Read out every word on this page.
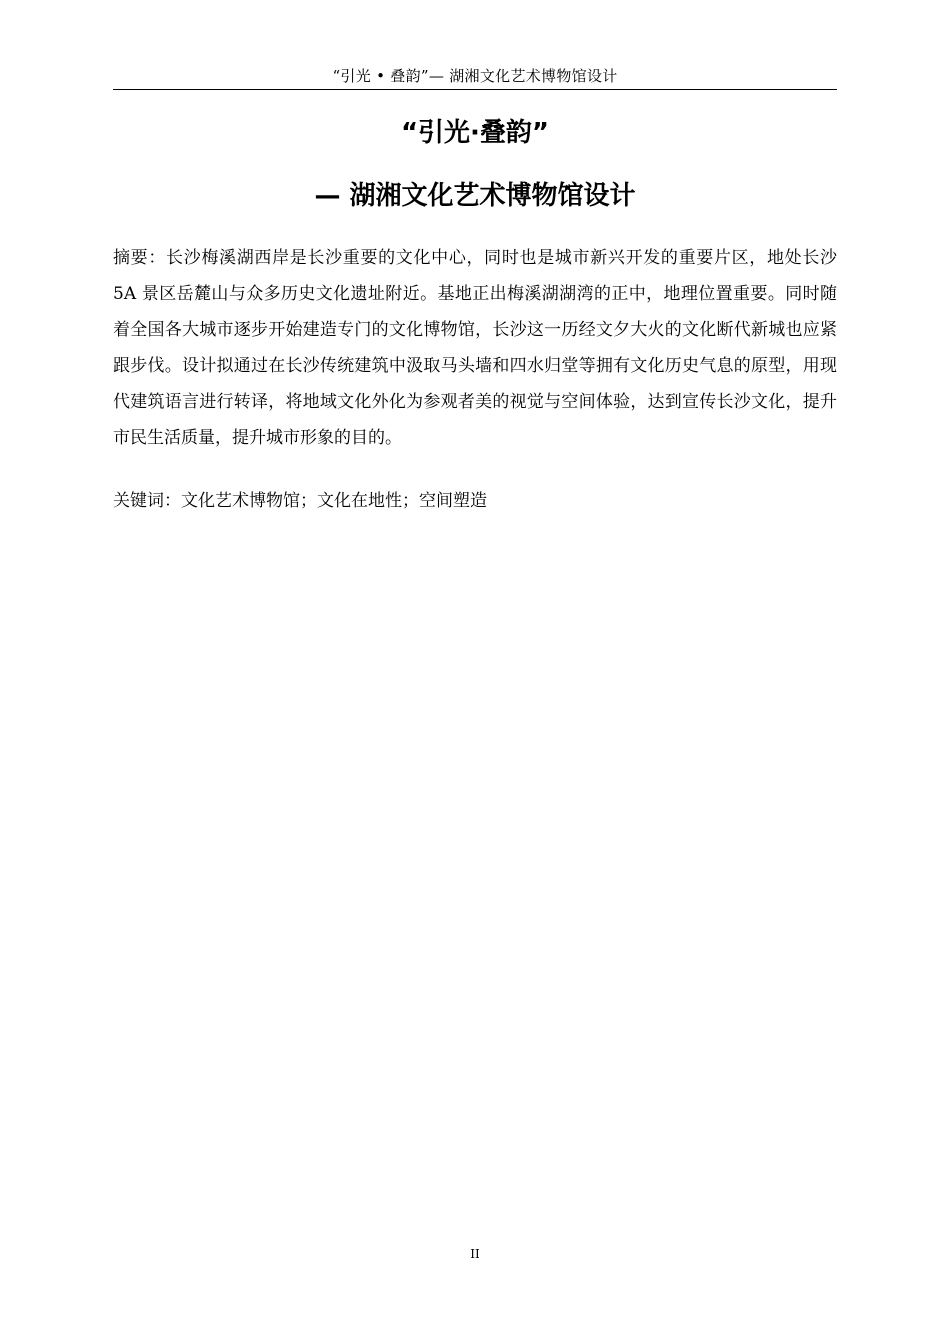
“引光 • 叠韵”— 湖湘文化艺术博物馆设计
“引光·叠韵”
— 湖湘文化艺术博物馆设计

摘要：长沙梅溪湖西岸是长沙重要的文化中心，同时也是城市新兴开发的重要片区，地处长沙 5A 景区岳麓山与众多历史文化遗址附近。基地正出梅溪湖湖湾的正中，地理位置重要。同时随着全国各大城市逐步开始建造专门的文化博物馆，长沙这一历经文夕大火的文化断代新城也应紧跟步伐。设计拟通过在长沙传统建筑中汲取马头墙和四水归堂等拥有文化历史气息的原型，用现代建筑语言进行转译，将地域文化外化为参观者美的视觉与空间体验，达到宣传长沙文化，提升市民生活质量，提升城市形象的目的。

关键词：文化艺术博物馆；文化在地性；空间塑造

II
